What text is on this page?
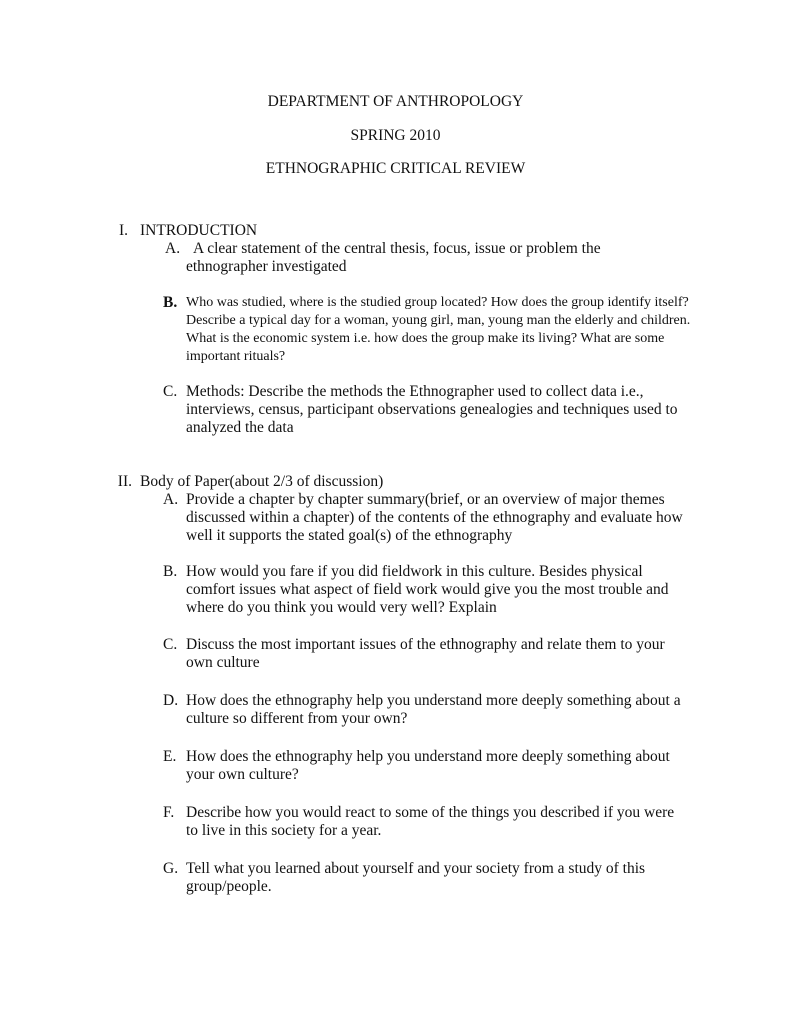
DEPARTMENT OF ANTHROPOLOGY
SPRING 2010
ETHNOGRAPHIC CRITICAL REVIEW
I. INTRODUCTION
A. A clear statement of the central thesis, focus, issue or problem the ethnographer investigated
B. Who was studied, where is the studied group located? How does the group identify itself? Describe a typical day for a woman, young girl, man, young man the elderly and children. What is the economic system i.e. how does the group make its living? What are some important rituals?
C. Methods: Describe the methods the Ethnographer used to collect data i.e., interviews, census, participant observations genealogies and techniques used to analyzed the data
II. Body of Paper(about 2/3 of discussion)
A. Provide a chapter by chapter summary(brief, or an overview of major themes discussed within a chapter) of the contents of the ethnography and evaluate how well it supports the stated goal(s) of the ethnography
B. How would you fare if you did fieldwork in this culture. Besides physical comfort issues what aspect of field work would give you the most trouble and where do you think you would very well? Explain
C. Discuss the most important issues of the ethnography and relate them to your own culture
D. How does the ethnography help you understand more deeply something about a culture so different from your own?
E. How does the ethnography help you understand more deeply something about your own culture?
F. Describe how you would react to some of the things you described if you were to live in this society for a year.
G. Tell what you learned about yourself and your society from a study of this group/people.
